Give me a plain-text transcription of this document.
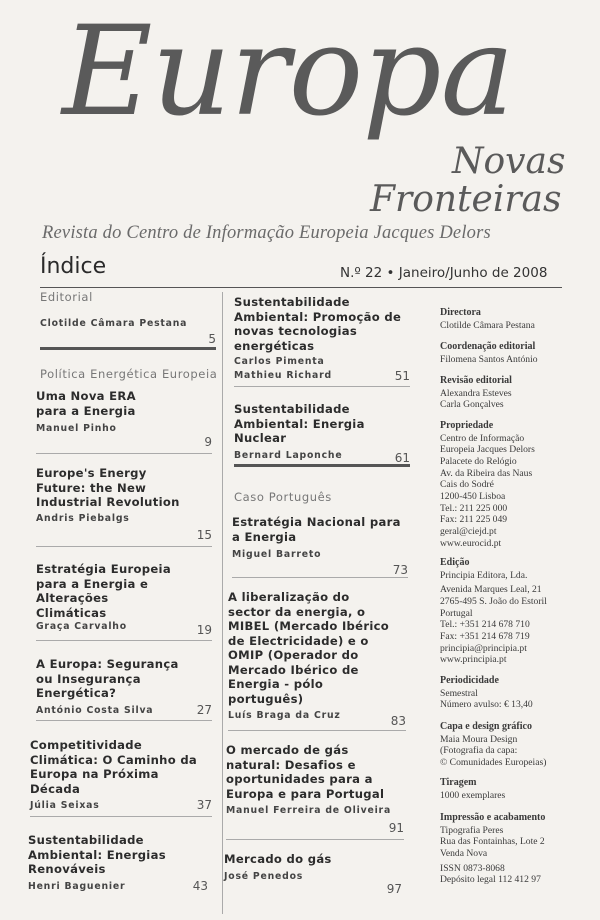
Europa
Novas
Fronteiras
Revista do Centro de Informação Europeia Jacques Delors
Índice	N.º 22 • Janeiro/Junho de 2008
Editorial
Clotilde Câmara Pestana
5
Política Energética Europeia
Uma Nova ERA para a Energia
Manuel Pinho
9
Europe's Energy Future: the New Industrial Revolution
Andris Piebalgs
15
Estratégia Europeia para a Energia e Alterações Climáticas
Graça Carvalho	19
A Europa: Segurança ou Insegurança Energética?
António Costa Silva	27
Competitividade Climática: O Caminho da Europa na Próxima Década
Júlia Seixas	37
Sustentabilidade Ambiental: Energias Renováveis
Henri Baguenier	43
Sustentabilidade Ambiental: Promoção de novas tecnologias energéticas
Carlos Pimenta
Mathieu Richard	51
Sustentabilidade Ambiental: Energia Nuclear
Bernard Laponche	61
Caso Português
Estratégia Nacional para a Energia
Miguel Barreto
73
A liberalização do sector da energia, o MIBEL (Mercado Ibérico de Electricidade) e o OMIP (Operador do Mercado Ibérico de Energia - pólo português)
Luís Braga da Cruz	83
O mercado de gás natural: Desafios e oportunidades para a Europa e para Portugal
Manuel Ferreira de Oliveira
91
Mercado do gás
José Penedos
97
Directora
Clotilde Câmara Pestana
Coordenação editorial
Filomena Santos António
Revisão editorial
Alexandra Esteves
Carla Gonçalves
Propriedade
Centro de Informação
Europeia Jacques Delors
Palacete do Relógio
Av. da Ribeira das Naus
Cais do Sodré
1200-450 Lisboa
Tel.: 211 225 000
Fax: 211 225 049
geral@ciejd.pt
www.eurocid.pt
Edição
Principia Editora, Lda.
Avenida Marques Leal, 21
2765-495 S. João do Estoril
Portugal
Tel.: +351 214 678 710
Fax: +351 214 678 719
principia@principia.pt
www.principia.pt
Periodicidade
Semestral
Número avulso: € 13,40
Capa e design gráfico
Maia Moura Design
(Fotografia da capa:
© Comunidades Europeias)
Tiragem
1000 exemplares
Impressão e acabamento
Tipografia Peres
Rua das Fontainhas, Lote 2
Venda Nova
ISSN 0873-8068
Depósito legal 112 412 97
